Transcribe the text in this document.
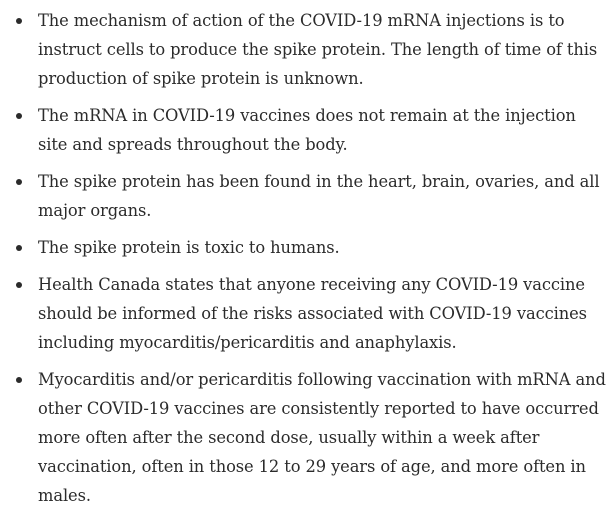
The mechanism of action of the COVID-19 mRNA injections is to instruct cells to produce the spike protein. The length of time of this production of spike protein is unknown.
The mRNA in COVID-19 vaccines does not remain at the injection site and spreads throughout the body.
The spike protein has been found in the heart, brain, ovaries, and all major organs.
The spike protein is toxic to humans.
Health Canada states that anyone receiving any COVID-19 vaccine should be informed of the risks associated with COVID-19 vaccines including myocarditis/pericarditis and anaphylaxis.
Myocarditis and/or pericarditis following vaccination with mRNA and other COVID-19 vaccines are consistently reported to have occurred more often after the second dose, usually within a week after vaccination, often in those 12 to 29 years of age, and more often in males.
